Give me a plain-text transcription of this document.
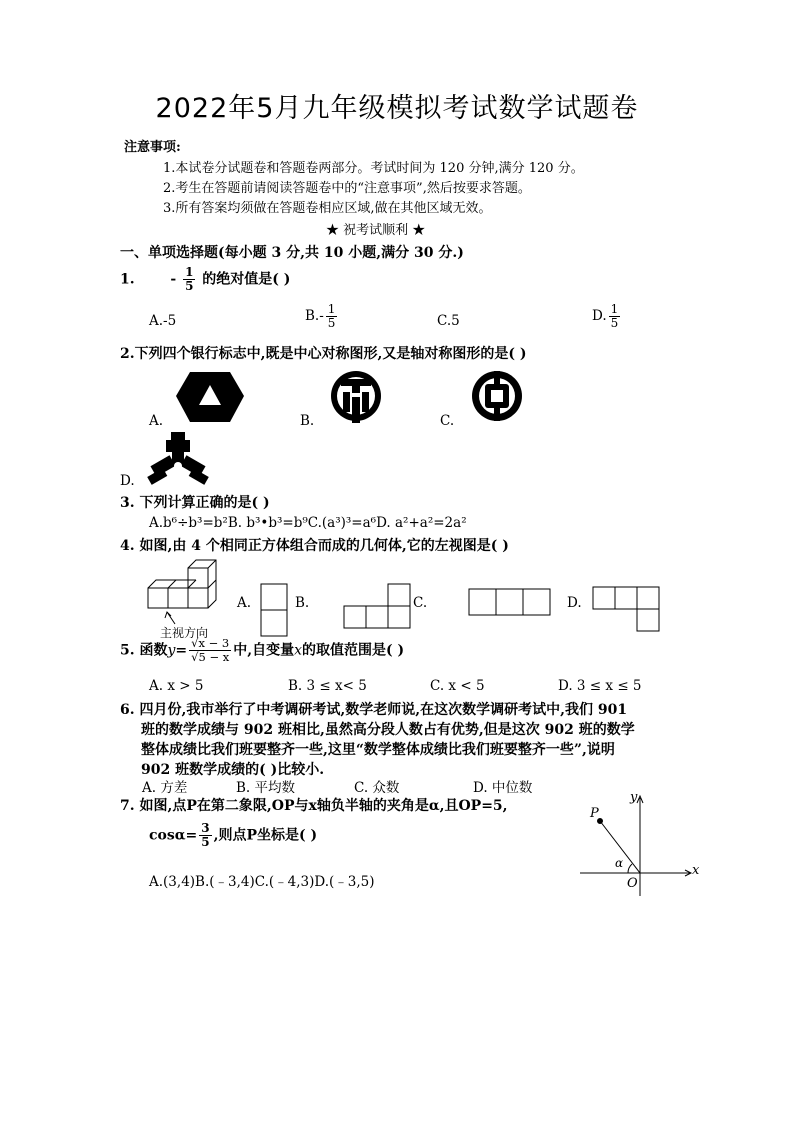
2022年5月九年级模拟考试数学试题卷
注意事项:
1.本试卷分试题卷和答题卷两部分。考试时间为 120 分钟,满分 120 分。
2.考生在答题前请阅读答题卷中的“注意事项”,然后按要求答题。
3.所有答案均须做在答题卷相应区域,做在其他区域无效。
★ 祝考试顺利 ★
一、单项选择题(每小题 3 分,共 10 小题,满分 30 分.)
1.	- $\frac{1}{5}$ 的绝对值是( )
A.-5	$B.- \frac{1}{5}$	C.5	D. $\frac{1}{5}$
2.下列四个银行标志中,既是中心对称图形,又是轴对称图形的是( )
A.	B.	C.
D.
3. 下列计算正确的是( )
A.b⁶÷b³=b²B. b³•b³=b⁹C.(a³)³=a⁶D. a²+a²=2a²
4. 如图,由 4 个相同正方体组合而成的几何体,它的左视图是( )
主视方向
A.	B.	C.	D.
5. 函数$y= \frac{√x - 3}{√5 - x}$ 中,自变量x的取值范围是( )
A. x > 5	B. 3 ≤ x< 5	C. x < 5	D. 3 ≤ x ≤ 5
6. 四月份,我市举行了中考调研考试,数学老师说,在这次数学调研考试中,我们 901
班的数学成绩与 902 班相比,虽然高分段人数占有优势,但是这次 902 班的数学
整体成绩比我们班要整齐一些,这里“数学整体成绩比我们班要整齐一些”,说明
902 班数学成绩的( )比较小.
A. 方差	B. 平均数	C. 众数	D. 中位数
7. 如图,点P在第二象限,OP与x轴负半轴的夹角是α,且OP=5,
$\cos\alpha= \frac{3}{5}$ ,则点P坐标是( )
A.(3,4)B.(﹣3,4)C.(﹣4,3)D.(﹣3,5)
P
y
x
O
α
